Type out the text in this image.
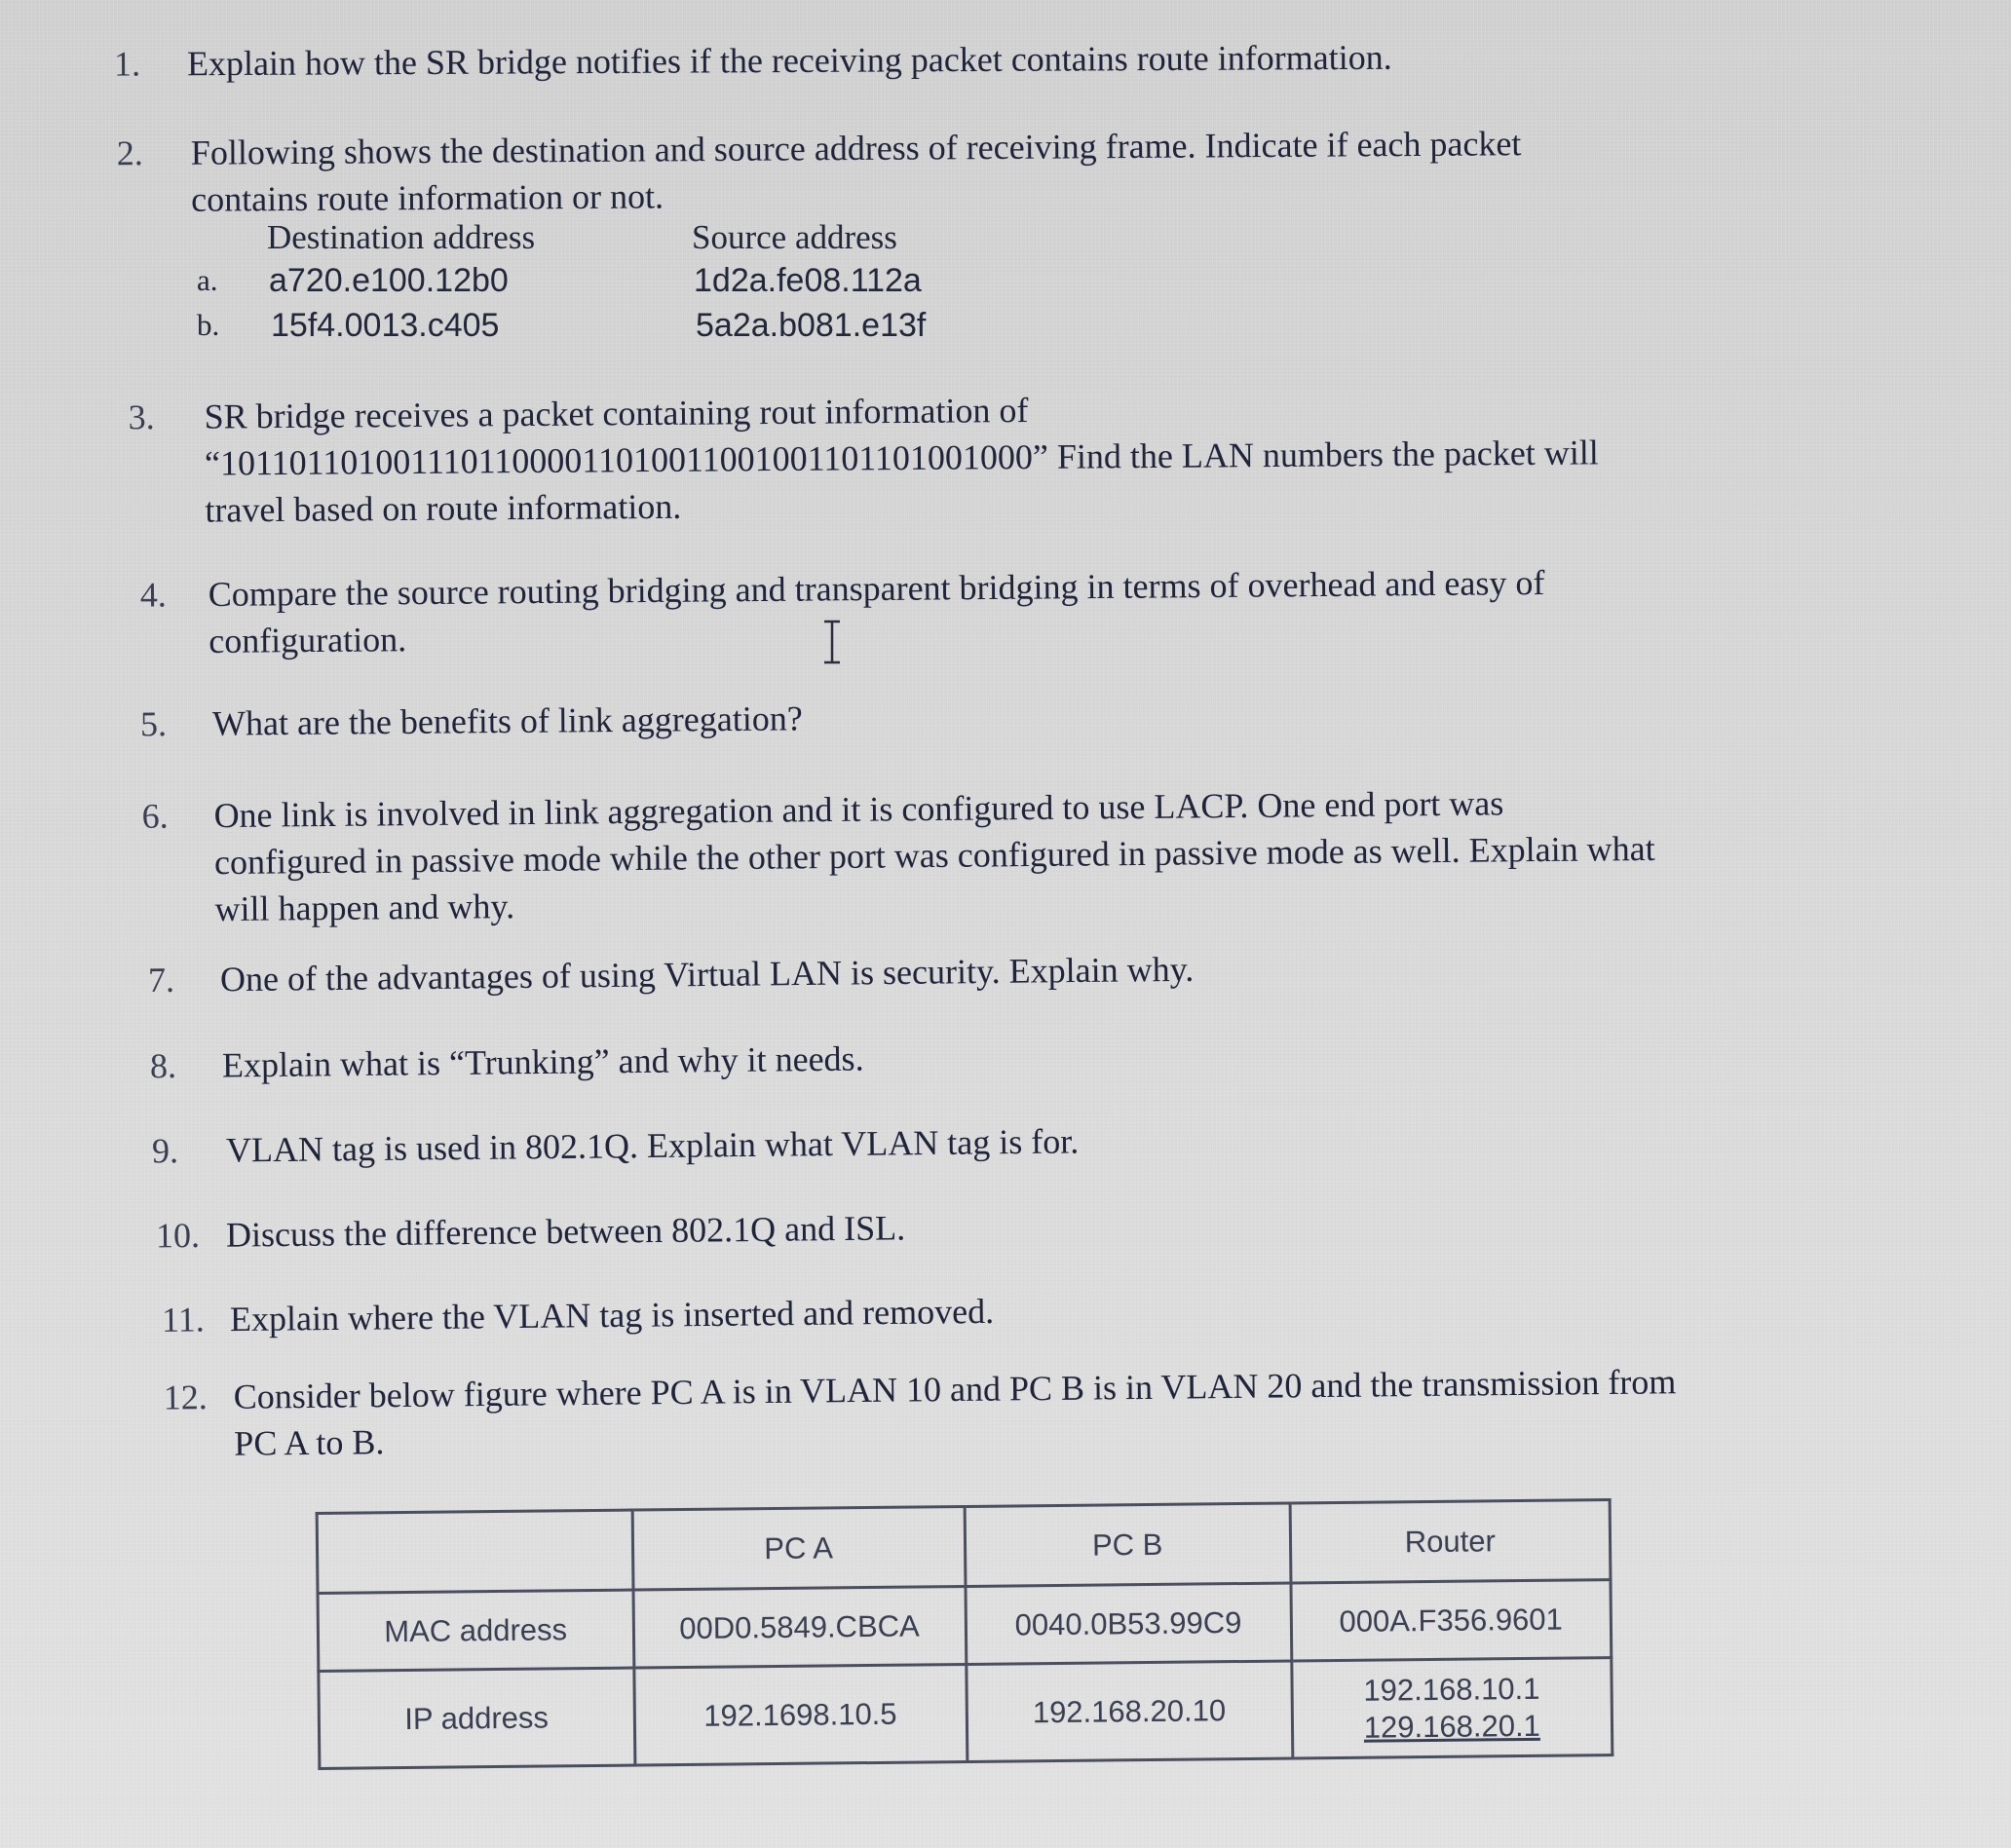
1. Explain how the SR bridge notifies if the receiving packet contains route information.
2. Following shows the destination and source address of receiving frame. Indicate if each packet
contains route information or not.
Destination address	Source address
a. a720.e100.12b0	1d2a.fe08.112a
b. 15f4.0013.c405	5a2a.b081.e13f
3. SR bridge receives a packet containing rout information of
“10110110100111011000011010011001001101101001000” Find the LAN numbers the packet will
travel based on route information.
4. Compare the source routing bridging and transparent bridging in terms of overhead and easy of
configuration.
5. What are the benefits of link aggregation?
6. One link is involved in link aggregation and it is configured to use LACP. One end port was
configured in passive mode while the other port was configured in passive mode as well. Explain what
will happen and why.
7. One of the advantages of using Virtual LAN is security. Explain why.
8. Explain what is “Trunking” and why it needs.
9. VLAN tag is used in 802.1Q. Explain what VLAN tag is for.
10. Discuss the difference between 802.1Q and ISL.
11. Explain where the VLAN tag is inserted and removed.
12. Consider below figure where PC A is in VLAN 10 and PC B is in VLAN 20 and the transmission from
PC A to B.
	PC A	PC B	Router
MAC address	00D0.5849.CBCA	0040.0B53.99C9	000A.F356.9601
IP address	192.1698.10.5	192.168.20.10	192.168.10.1
129.168.20.1
